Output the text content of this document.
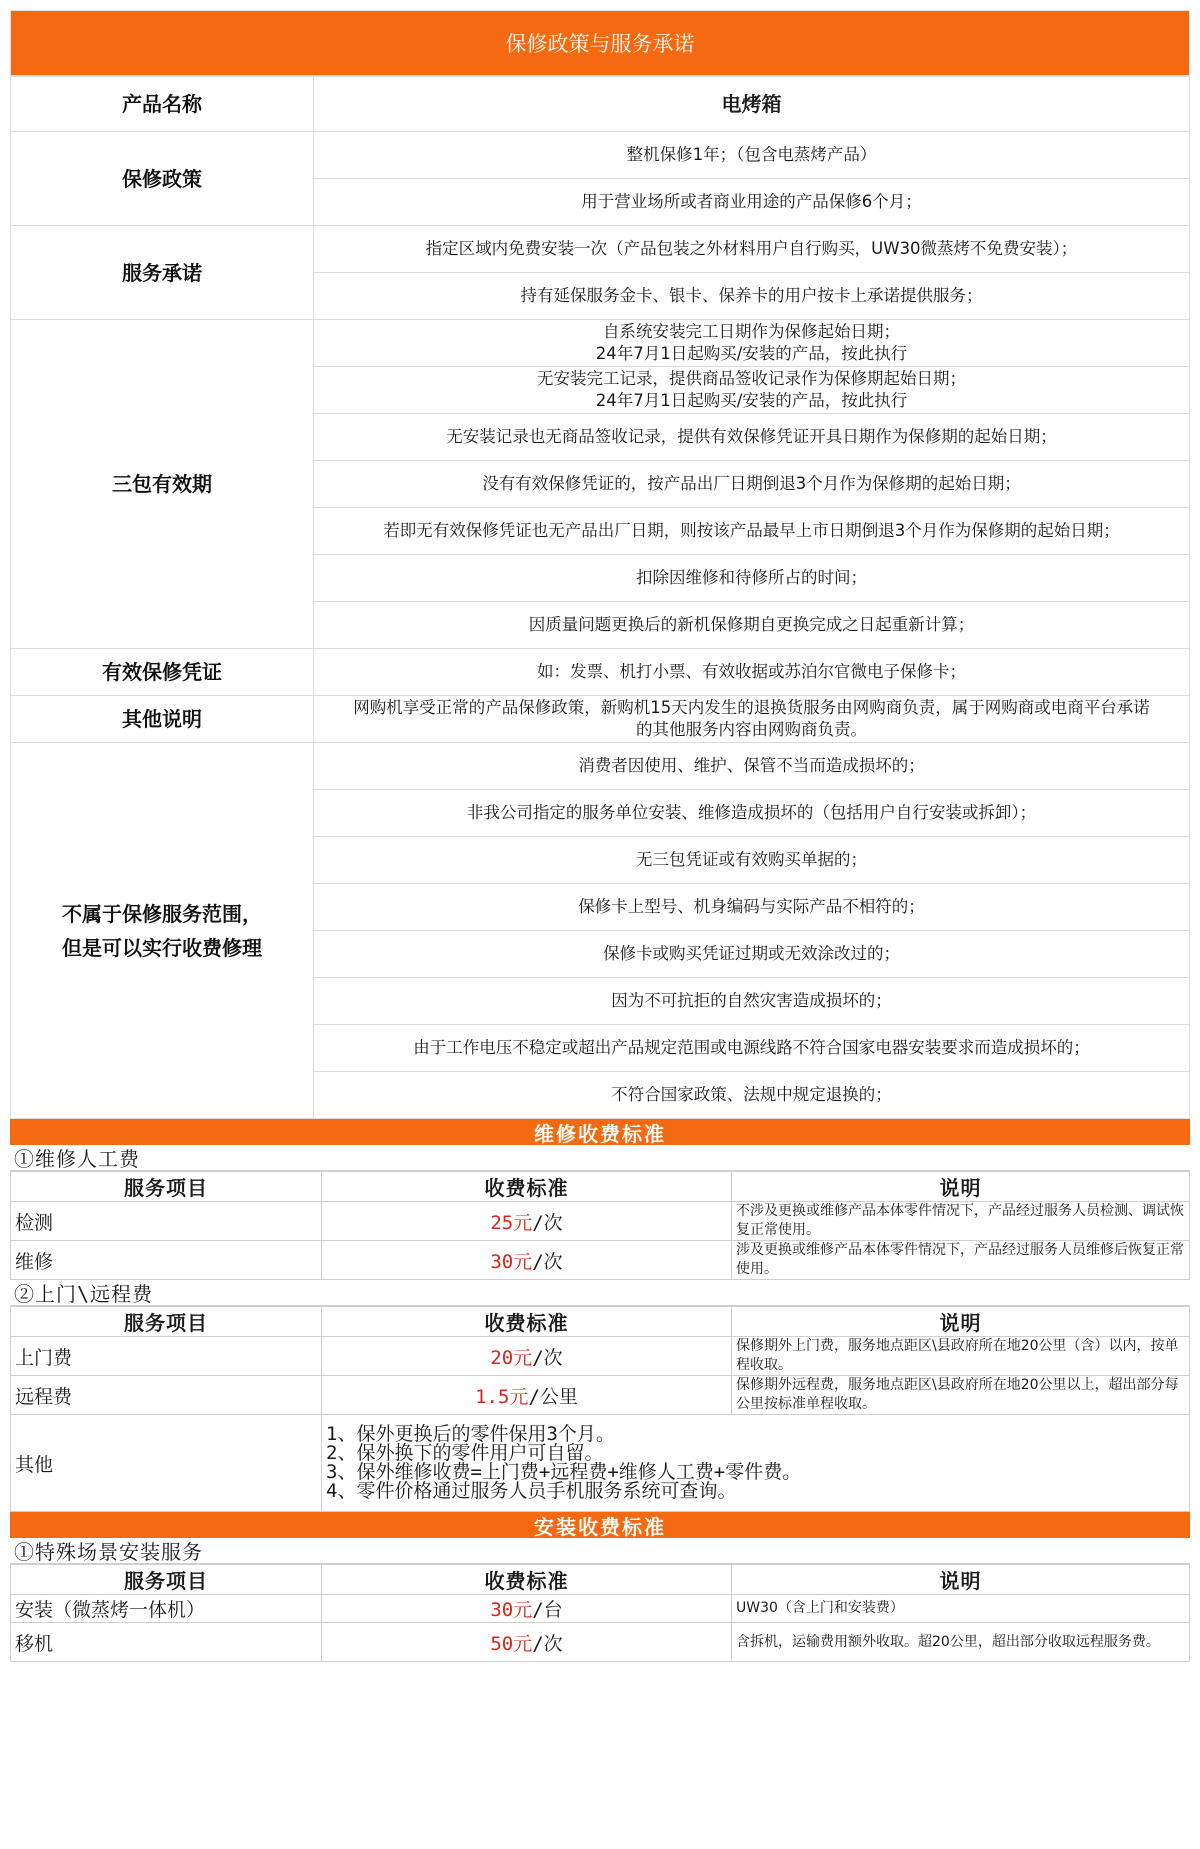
保修政策与服务承诺
产品名称	电烤箱
保修政策	整机保修1年；（包含电蒸烤产品）
	用于营业场所或者商业用途的产品保修6个月；
服务承诺	指定区域内免费安装一次（产品包装之外材料用户自行购买，UW30微蒸烤不免费安装）；
	持有延保服务金卡、银卡、保养卡的用户按卡上承诺提供服务；
三包有效期	自系统安装完工日期作为保修起始日期；
24年7月1日起购买/安装的产品，按此执行

	无安装完工记录，提供商品签收记录作为保修期起始日期；
24年7月1日起购买/安装的产品，按此执行

	无安装记录也无商品签收记录，提供有效保修凭证开具日期作为保修期的起始日期；
	没有有效保修凭证的，按产品出厂日期倒退3个月作为保修期的起始日期；
	若即无有效保修凭证也无产品出厂日期，则按该产品最早上市日期倒退3个月作为保修期的起始日期；
	扣除因维修和待修所占的时间；
	因质量问题更换后的新机保修期自更换完成之日起重新计算；
有效保修凭证	如：发票、机打小票、有效收据或苏泊尔官微电子保修卡；
其他说明	网购机享受正常的产品保修政策，新购机15天内发生的退换货服务由网购商负责，属于网购商或电商平台承诺
的其他服务内容由网购商负责。

不属于保修服务范围，
但是可以实行收费修理	消费者因使用、维护、保管不当而造成损坏的；
	非我公司指定的服务单位安装、维修造成损坏的（包括用户自行安装或拆卸）；
	无三包凭证或有效购买单据的；
	保修卡上型号、机身编码与实际产品不相符的；
	保修卡或购买凭证过期或无效涂改过的；
	因为不可抗拒的自然灾害造成损坏的；
	由于工作电压不稳定或超出产品规定范围或电源线路不符合国家电器安装要求而造成损坏的；
	不符合国家政策、法规中规定退换的；
维修收费标准
①维修人工费
服务项目	收费标准	说明
检测	25元/次	不涉及更换或维修产品本体零件情况下，产品经过服务人员检测、调试恢复正常使用。
维修	30元/次	涉及更换或维修产品本体零件情况下，产品经过服务人员维修后恢复正常使用。
②上门\远程费
服务项目	收费标准	说明
上门费	20元/次	保修期外上门费，服务地点距区\县政府所在地20公里（含）以内，按单程收取。
远程费	1.5元/公里	保修期外远程费，服务地点距区\县政府所在地20公里以上，超出部分每公里按标准单程收取。
其他	1、保外更换后的零件保用3个月。
2、保外换下的零件用户可自留。
3、保外维修收费=上门费+远程费+维修人工费+零件费。
4、零件价格通过服务人员手机服务系统可查询。	
安装收费标准
①特殊场景安装服务
服务项目	收费标准	说明
安装（微蒸烤一体机）	30元/台	UW30（含上门和安装费）
移机	50元/次	含拆机，运输费用额外收取。超20公里，超出部分收取远程服务费。
